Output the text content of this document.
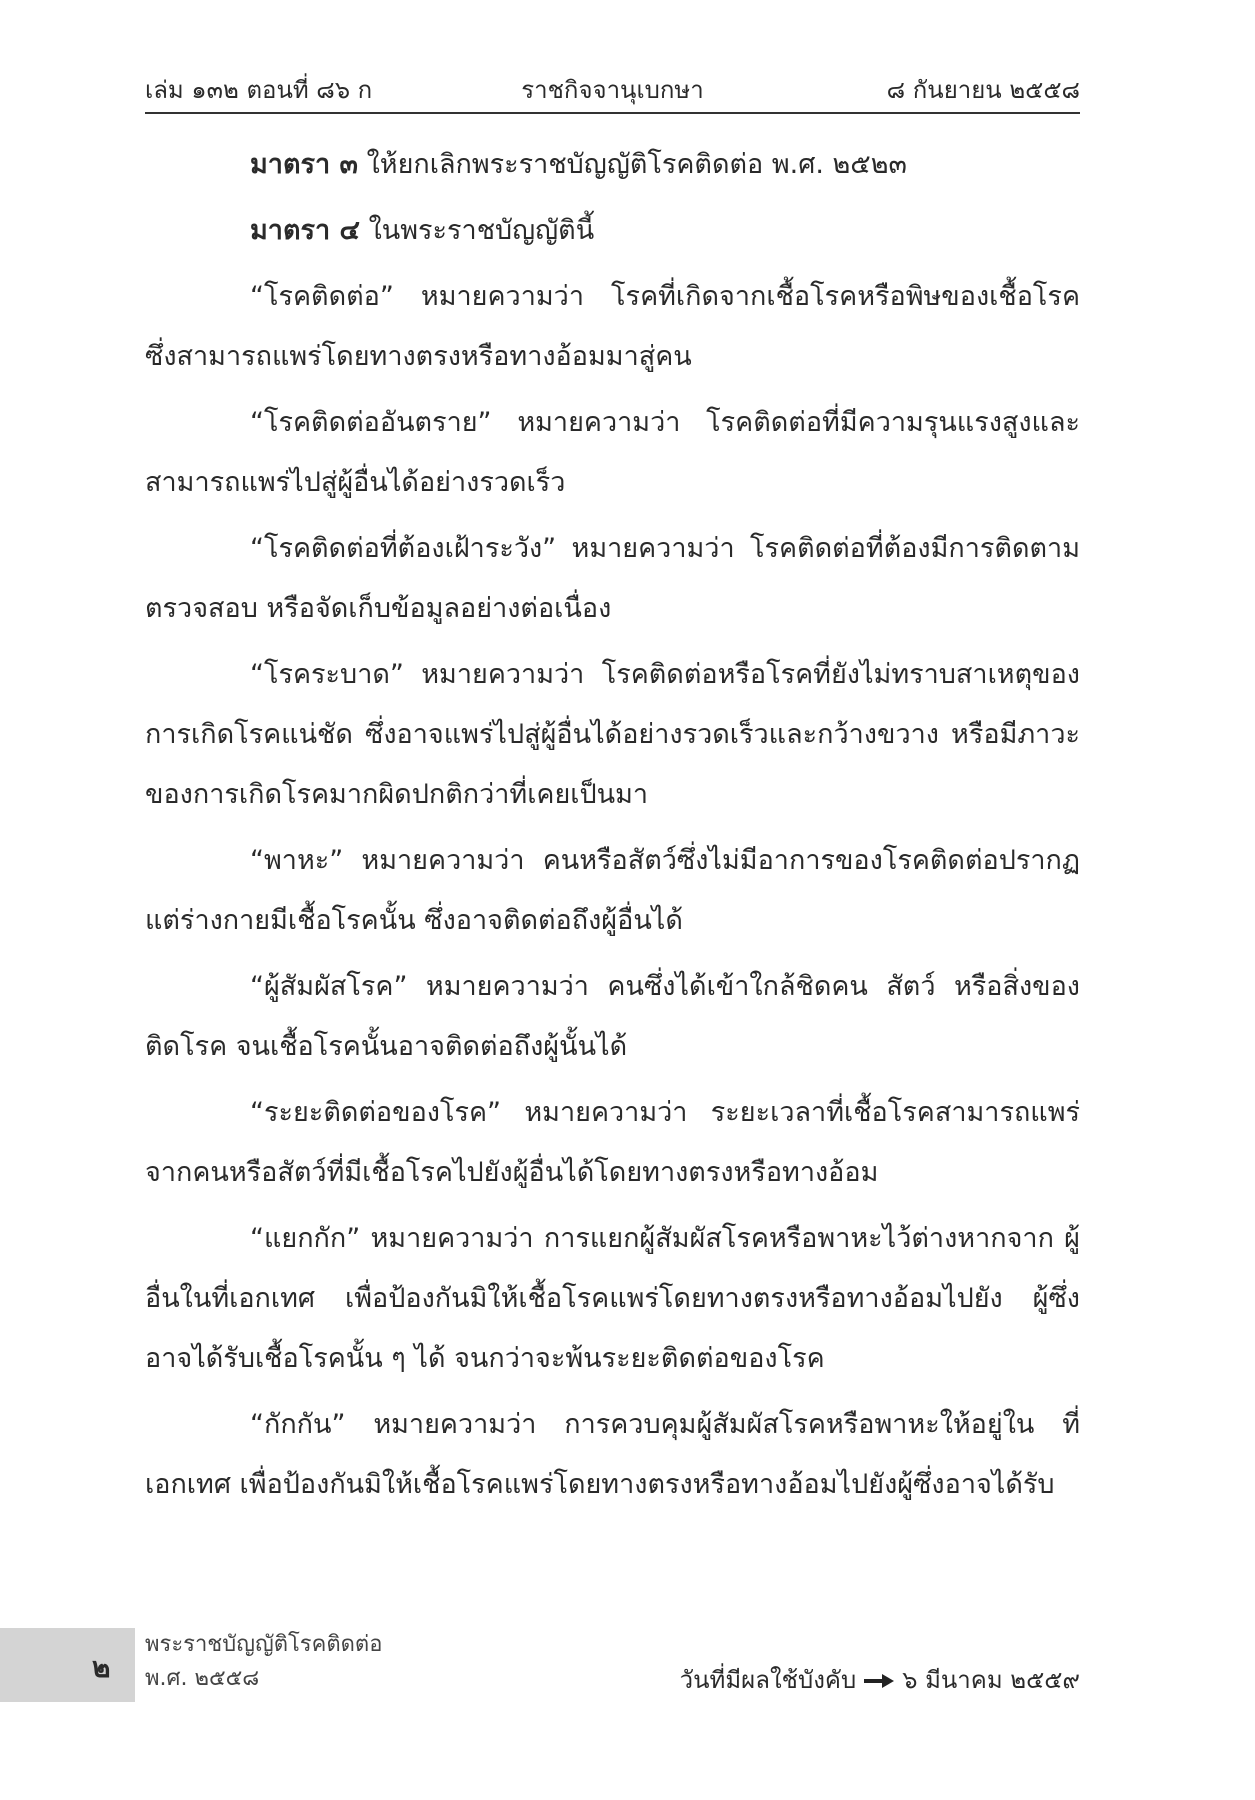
เล่ม ๑๓๒ ตอนที่ ๘๖ ก	ราชกิจจานุเบกษา	๘ กันยายน ๒๕๕๘

มาตรา ๓ ให้ยกเลิกพระราชบัญญัติโรคติดต่อ พ.ศ. ๒๕๒๓

มาตรา ๔ ในพระราชบัญญัตินี้

“โรคติดต่อ” หมายความว่า โรคที่เกิดจากเชื้อโรคหรือพิษของเชื้อโรค ซึ่งสามารถแพร่โดยทางตรงหรือทางอ้อมมาสู่คน

“โรคติดต่ออันตราย” หมายความว่า โรคติดต่อที่มีความรุนแรงสูงและสามารถแพร่ไปสู่ผู้อื่นได้อย่างรวดเร็ว

“โรคติดต่อที่ต้องเฝ้าระวัง” หมายความว่า โรคติดต่อที่ต้องมีการติดตาม ตรวจสอบ หรือจัดเก็บข้อมูลอย่างต่อเนื่อง

“โรคระบาด” หมายความว่า โรคติดต่อหรือโรคที่ยังไม่ทราบสาเหตุของการเกิดโรคแน่ชัด ซึ่งอาจแพร่ไปสู่ผู้อื่นได้อย่างรวดเร็วและกว้างขวาง หรือมีภาวะของการเกิดโรคมากผิดปกติกว่าที่เคยเป็นมา

“พาหะ” หมายความว่า คนหรือสัตว์ซึ่งไม่มีอาการของโรคติดต่อปรากฏ แต่ร่างกายมีเชื้อโรคนั้น ซึ่งอาจติดต่อถึงผู้อื่นได้

“ผู้สัมผัสโรค” หมายความว่า คนซึ่งได้เข้าใกล้ชิดคน สัตว์ หรือสิ่งของ ติดโรค จนเชื้อโรคนั้นอาจติดต่อถึงผู้นั้นได้

“ระยะติดต่อของโรค” หมายความว่า ระยะเวลาที่เชื้อโรคสามารถแพร่ จากคนหรือสัตว์ที่มีเชื้อโรคไปยังผู้อื่นได้โดยทางตรงหรือทางอ้อม

“แยกกัก” หมายความว่า การแยกผู้สัมผัสโรคหรือพาหะไว้ต่างหากจาก ผู้อื่นในที่เอกเทศ เพื่อป้องกันมิให้เชื้อโรคแพร่โดยทางตรงหรือทางอ้อมไปยัง ผู้ซึ่งอาจได้รับเชื้อโรคนั้น ๆ ได้ จนกว่าจะพ้นระยะติดต่อของโรค

“กักกัน” หมายความว่า การควบคุมผู้สัมผัสโรคหรือพาหะให้อยู่ใน ที่เอกเทศ เพื่อป้องกันมิให้เชื้อโรคแพร่โดยทางตรงหรือทางอ้อมไปยังผู้ซึ่งอาจได้รับ

๒
พระราชบัญญัติโรคติดต่อ
พ.ศ. ๒๕๕๘	วันที่มีผลใช้บังคับ ๖ มีนาคม ๒๕๕๙
